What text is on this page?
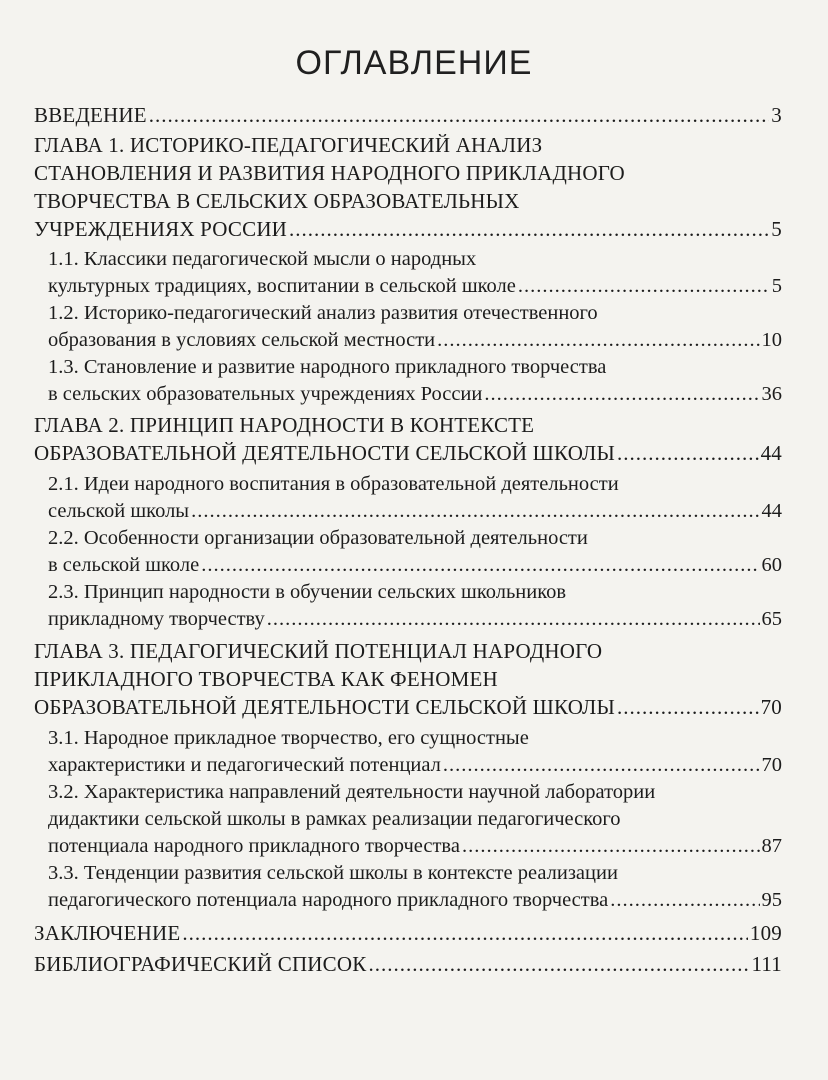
ОГЛАВЛЕНИЕ
ВВЕДЕНИЕ .....	3
ГЛАВА 1. ИСТОРИКО-ПЕДАГОГИЧЕСКИЙ АНАЛИЗ
СТАНОВЛЕНИЯ И РАЗВИТИЯ НАРОДНОГО ПРИКЛАДНОГО
ТВОРЧЕСТВА В СЕЛЬСКИХ ОБРАЗОВАТЕЛЬНЫХ
УЧРЕЖДЕНИЯХ РОССИИ .....	5
1.1. Классики педагогической мысли о народных
культурных традициях, воспитании в сельской школе .....	5
1.2. Историко-педагогический анализ развития отечественного
образования в условиях сельской местности .....	10
1.3. Становление и развитие народного прикладного творчества
в сельских образовательных учреждениях России .....	36
ГЛАВА 2. ПРИНЦИП НАРОДНОСТИ В КОНТЕКСТЕ
ОБРАЗОВАТЕЛЬНОЙ ДЕЯТЕЛЬНОСТИ СЕЛЬСКОЙ ШКОЛЫ .....	44
2.1. Идеи народного воспитания в образовательной деятельности
сельской школы .....	44
2.2. Особенности организации образовательной деятельности
в сельской школе .....	60
2.3. Принцип народности в обучении сельских школьников
прикладному творчеству .....	65
ГЛАВА 3. ПЕДАГОГИЧЕСКИЙ ПОТЕНЦИАЛ НАРОДНОГО
ПРИКЛАДНОГО ТВОРЧЕСТВА КАК ФЕНОМЕН
ОБРАЗОВАТЕЛЬНОЙ ДЕЯТЕЛЬНОСТИ СЕЛЬСКОЙ ШКОЛЫ .....	70
3.1. Народное прикладное творчество, его сущностные
характеристики и педагогический потенциал .....	70
3.2. Характеристика направлений деятельности научной лаборатории
дидактики сельской школы в рамках реализации педагогического
потенциала народного прикладного творчества .....	87
3.3. Тенденции развития сельской школы в контексте реализации
педагогического потенциала народного прикладного творчества .....	95
ЗАКЛЮЧЕНИЕ .....	109
БИБЛИОГРАФИЧЕСКИЙ СПИСОК .....	111
